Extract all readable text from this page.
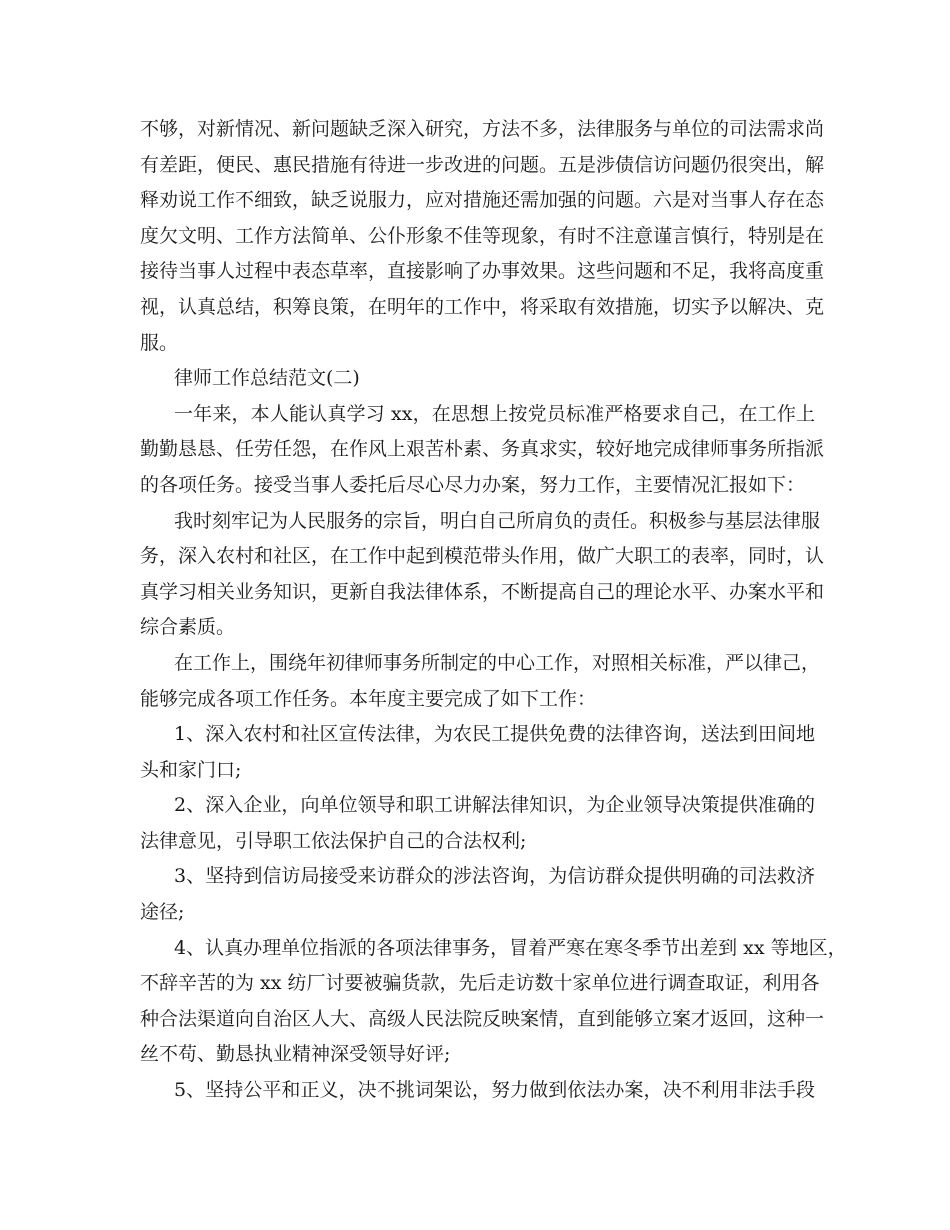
不够，对新情况、新问题缺乏深入研究，方法不多，法律服务与单位的司法需求尚
有差距，便民、惠民措施有待进一步改进的问题。五是涉债信访问题仍很突出，解
释劝说工作不细致，缺乏说服力，应对措施还需加强的问题。六是对当事人存在态
度欠文明、工作方法简单、公仆形象不佳等现象，有时不注意谨言慎行，特别是在
接待当事人过程中表态草率，直接影响了办事效果。这些问题和不足，我将高度重
视，认真总结，积筹良策，在明年的工作中，将采取有效措施，切实予以解决、克
服。
律师工作总结范文(二)
一年来，本人能认真学习 xx，在思想上按党员标准严格要求自己，在工作上
勤勤恳恳、任劳任怨，在作风上艰苦朴素、务真求实，较好地完成律师事务所指派
的各项任务。接受当事人委托后尽心尽力办案，努力工作，主要情况汇报如下：
我时刻牢记为人民服务的宗旨，明白自己所肩负的责任。积极参与基层法律服
务，深入农村和社区，在工作中起到模范带头作用，做广大职工的表率，同时，认
真学习相关业务知识，更新自我法律体系，不断提高自己的理论水平、办案水平和
综合素质。
在工作上，围绕年初律师事务所制定的中心工作，对照相关标准，严以律己，
能够完成各项工作任务。本年度主要完成了如下工作：
1、深入农村和社区宣传法律，为农民工提供免费的法律咨询，送法到田间地
头和家门口;
2、深入企业，向单位领导和职工讲解法律知识，为企业领导决策提供准确的
法律意见，引导职工依法保护自己的合法权利;
3、坚持到信访局接受来访群众的涉法咨询，为信访群众提供明确的司法救济
途径;
4、认真办理单位指派的各项法律事务，冒着严寒在寒冬季节出差到 xx 等地区，
不辞辛苦的为 xx 纺厂讨要被骗货款，先后走访数十家单位进行调查取证，利用各
种合法渠道向自治区人大、高级人民法院反映案情，直到能够立案才返回，这种一
丝不苟、勤恳执业精神深受领导好评;
5、坚持公平和正义，决不挑词架讼，努力做到依法办案，决不利用非法手段
